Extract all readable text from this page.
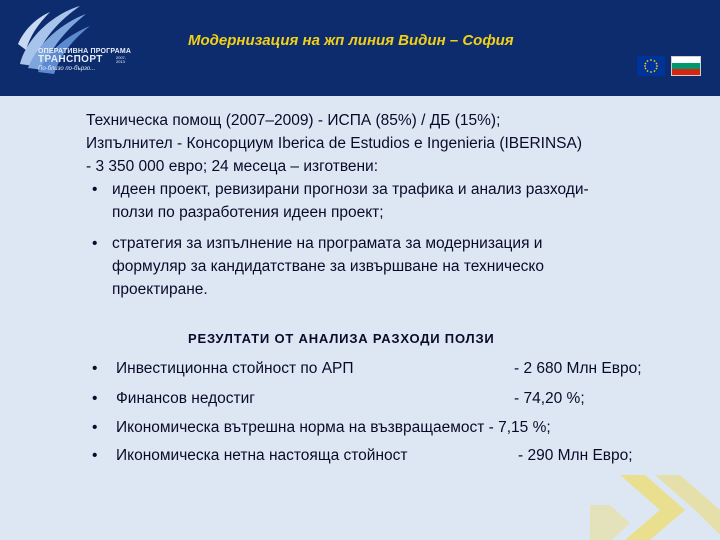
ОПЕРАТИВНА ПРОГРАМА
2007-2013
ТРАНСПОРТ
По-близо по-бързо...
Модернизация на жп линия Видин – София
Техническа помощ (2007–2009) - ИСПА (85%) / ДБ (15%);
Изпълнител - Консорциум Iberica de Estudios e Ingenieria (IBERINSA)
- 3 350 000 евро; 24 месеца – изготвени:
• идеен проект, ревизирани прогнози за трафика и анализ разходи-
ползи по разработения идеен проект;
• стратегия за изпълнение на програмата за модернизация и
формуляр за кандидатстване за извършване на техническо
проектиране.
РЕЗУЛТАТИ ОТ АНАЛИЗА РАЗХОДИ ПОЛЗИ
• Инвестиционна стойност по АРП	- 2 680 Млн Евро;
• Финансов недостиг	- 74,20 %;
• Икономическа вътрешна норма на възвращаемост - 7,15 %;
• Икономическа нетна настояща стойност	- 290 Млн Евро;
